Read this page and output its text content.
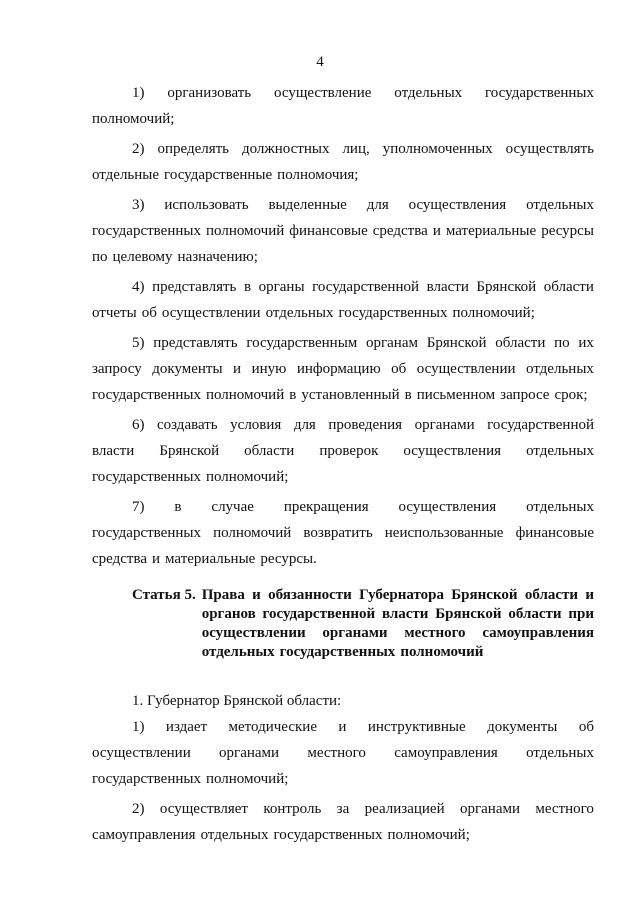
4
1) организовать осуществление отдельных государственных
полномочий;
2) определять должностных лиц, уполномоченных осуществлять
отдельные государственные полномочия;
3) использовать выделенные для осуществления отдельных
государственных полномочий финансовые средства и материальные ресурсы
по целевому назначению;
4) представлять в органы государственной власти Брянской области
отчеты об осуществлении отдельных государственных полномочий;
5) представлять государственным органам Брянской области по их
запросу документы и иную информацию об осуществлении отдельных
государственных полномочий в установленный в письменном запросе срок;
6) создавать условия для проведения органами государственной
власти Брянской области проверок осуществления отдельных
государственных полномочий;
7) в случае прекращения осуществления отдельных
государственных полномочий возвратить неиспользованные финансовые
средства и материальные ресурсы.
Статья 5. Права и обязанности Губернатора Брянской области и
органов государственной власти Брянской области при
осуществлении органами местного самоуправления
отдельных государственных полномочий
1. Губернатор Брянской области:
1) издает методические и инструктивные документы об
осуществлении органами местного самоуправления отдельных
государственных полномочий;
2) осуществляет контроль за реализацией органами местного
самоуправления отдельных государственных полномочий;
